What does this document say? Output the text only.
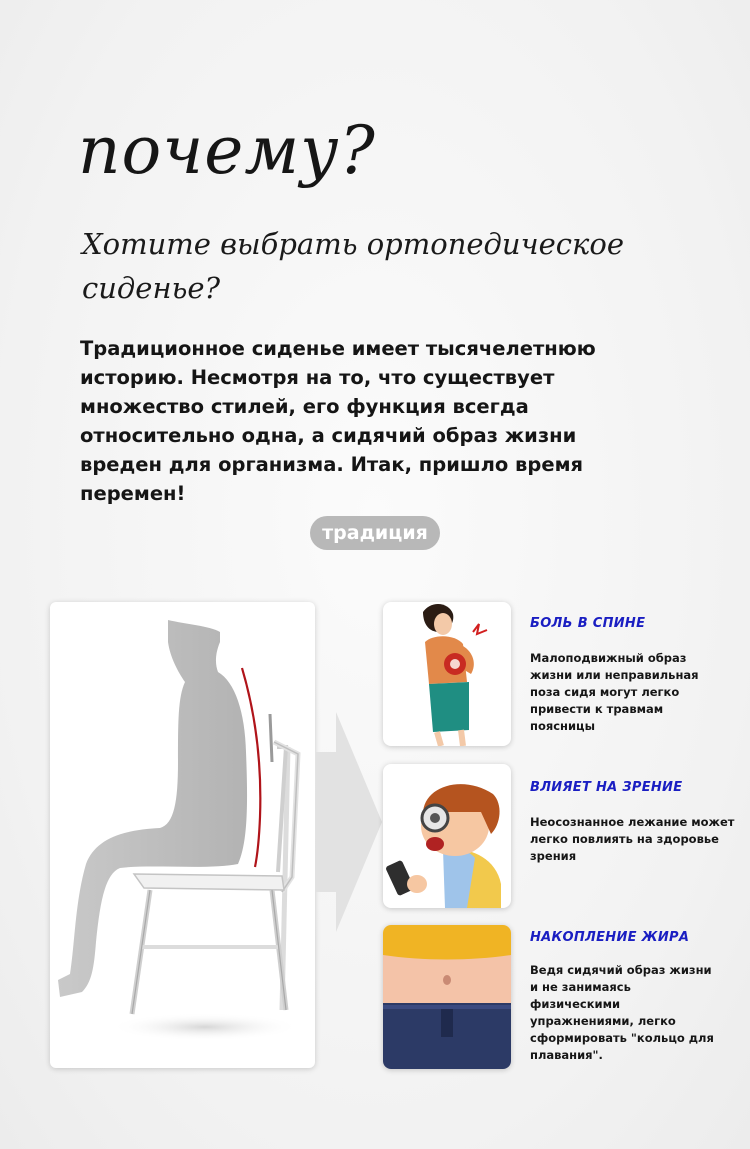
почему?
Хотите выбрать ортопедическое сиденье?
Традиционное сиденье имеет тысячелетнюю историю. Несмотря на то, что существует множество стилей, его функция всегда относительно одна, а сидячий образ жизни вреден для организма. Итак, пришло время перемен!
традиция
БОЛЬ В СПИНЕ
Малоподвижный образ жизни или неправильная поза сидя могут легко привести к травмам поясницы
ВЛИЯЕТ НА ЗРЕНИЕ
Неосознанное лежание может легко повлиять на здоровье зрения
НАКОПЛЕНИЕ ЖИРА
Ведя сидячий образ жизни и не занимаясь физическими упражнениями, легко сформировать "кольцо для плавания".
